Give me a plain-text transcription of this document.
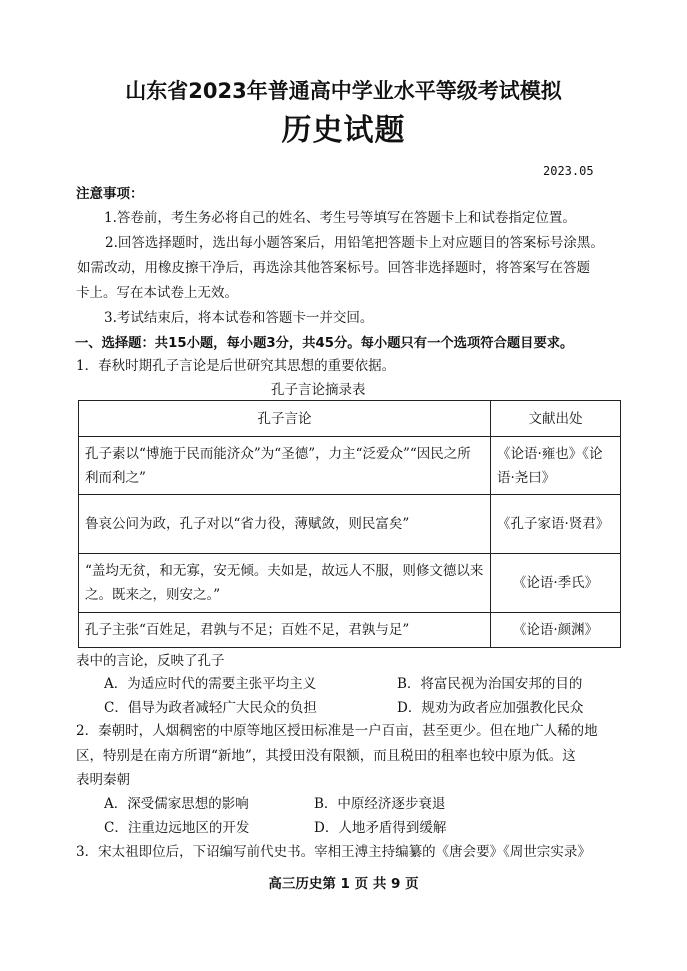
山东省2023年普通高中学业水平等级考试模拟
历史试题
2023.05
注意事项：
1.答卷前，考生务必将自己的姓名、考生号等填写在答题卡上和试卷指定位置。
2.回答选择题时，选出每小题答案后，用铅笔把答题卡上对应题目的答案标号涂黑。
如需改动，用橡皮擦干净后，再选涂其他答案标号。回答非选择题时，将答案写在答题
卡上。写在本试卷上无效。
3.考试结束后，将本试卷和答题卡一并交回。
一、选择题：共15小题，每小题3分，共45分。每小题只有一个选项符合题目要求。
1．春秋时期孔子言论是后世研究其思想的重要依据。
孔子言论摘录表
孔子言论	文献出处
孔子素以“博施于民而能济众”为“圣德”，力主“泛爱众”“因民之所利而利之”	《论语·雍也》《论语·尧曰》
鲁哀公问为政，孔子对以“省力役，薄赋敛，则民富矣”	《孔子家语·贤君》
“盖均无贫，和无寡，安无倾。夫如是，故远人不服，则修文德以来之。既来之，则安之。”	《论语·季氏》
孔子主张“百姓足，君孰与不足；百姓不足，君孰与足”	《论语·颜渊》
表中的言论，反映了孔子
A．为适应时代的需要主张平均主义	B．将富民视为治国安邦的目的
C．倡导为政者减轻广大民众的负担	D．规劝为政者应加强教化民众
2．秦朝时，人烟稠密的中原等地区授田标准是一户百亩，甚至更少。但在地广人稀的地
区，特别是在南方所谓“新地”，其授田没有限额，而且税田的租率也较中原为低。这
表明秦朝
A．深受儒家思想的影响	B．中原经济逐步衰退
C．注重边远地区的开发	D．人地矛盾得到缓解
3．宋太祖即位后，下诏编写前代史书。宰相王溥主持编纂的《唐会要》《周世宗实录》
高三历史第 1 页 共 9 页
